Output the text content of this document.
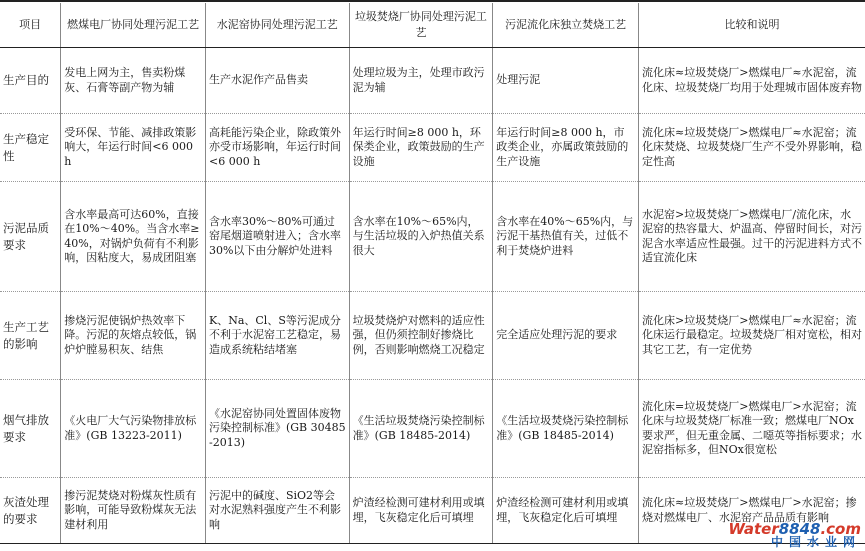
项目	燃煤电厂协同处理污泥工艺	水泥窑协同处理污泥工艺	垃圾焚烧厂协同处理污泥工艺	污泥流化床独立焚烧工艺	比较和说明
生产目的	发电上网为主，售卖粉煤灰、石膏等副产物为辅	生产水泥作产品售卖	处理垃圾为主，处理市政污泥为辅	处理污泥	流化床≈垃圾焚烧厂>燃煤电厂≈水泥窑，流化床、垃圾焚烧厂均用于处理城市固体废弃物
生产稳定性	受环保、节能、减排政策影响大，年运行时间<6 000 h	高耗能污染企业，除政策外亦受市场影响，年运行时间<6 000 h	年运行时间≥8 000 h，环保类企业，政策鼓励的生产设施	年运行时间≥8 000 h，市政类企业，亦属政策鼓励的生产设施	流化床≈垃圾焚烧厂>燃煤电厂≈水泥窑；流化床焚烧、垃圾焚烧厂生产不受外界影响，稳定性高
污泥品质要求	含水率最高可达60%，直接在10%～40%。当含水率≥40%，对锅炉负荷有不利影响，因粘度大，易成团阻塞	含水率30%～80%可通过窑尾烟道喷射进入；含水率30%以下由分解炉处进料	含水率在10%～65%内，与生活垃圾的入炉热值关系很大	含水率在40%～65%内，与污泥干基热值有关，过低不利于焚烧炉进料	水泥窑>垃圾焚烧厂>燃煤电厂/流化床，水泥窑的热容量大、炉温高、停留时间长，对污泥含水率适应性最强。过干的污泥进料方式不适宜流化床
生产工艺的影响	掺烧污泥使锅炉热效率下降。污泥的灰熔点较低，锅炉炉膛易积灰、结焦	K、Na、Cl、S等污泥成分不利于水泥窑工艺稳定，易造成系统粘结堵塞	垃圾焚烧炉对燃料的适应性强，但仍须控制好掺烧比例，否则影响燃烧工况稳定	完全适应处理污泥的要求	流化床>垃圾焚烧厂>燃煤电厂≈水泥窑；流化床运行最稳定。垃圾焚烧厂相对宽松，相对其它工艺，有一定优势
烟气排放要求	《火电厂大气污染物排放标准》(GB 13223-2011)	《水泥窑协同处置固体废物污染控制标准》(GB 30485-2013)	《生活垃圾焚烧污染控制标准》(GB 18485-2014)	《生活垃圾焚烧污染控制标准》(GB 18485-2014)	流化床=垃圾焚烧厂>燃煤电厂>水泥窑；流化床与垃圾焚烧厂标准一致；燃煤电厂NOx要求严，但无重金属、二噁英等指标要求；水泥窑指标多，但NOx很宽松
灰渣处理的要求	掺污泥焚烧对粉煤灰性质有影响，可能导致粉煤灰无法建材利用	污泥中的碱度、SiO2等会对水泥熟料强度产生不利影响	炉渣经检测可建材利用或填埋，飞灰稳定化后可填埋	炉渣经检测可建材利用或填埋，飞灰稳定化后可填埋	流化床≈垃圾焚烧厂>燃煤电厂>水泥窑；掺烧对燃煤电厂、水泥窑产品品质有影响
Water8848.com
中国水业网
